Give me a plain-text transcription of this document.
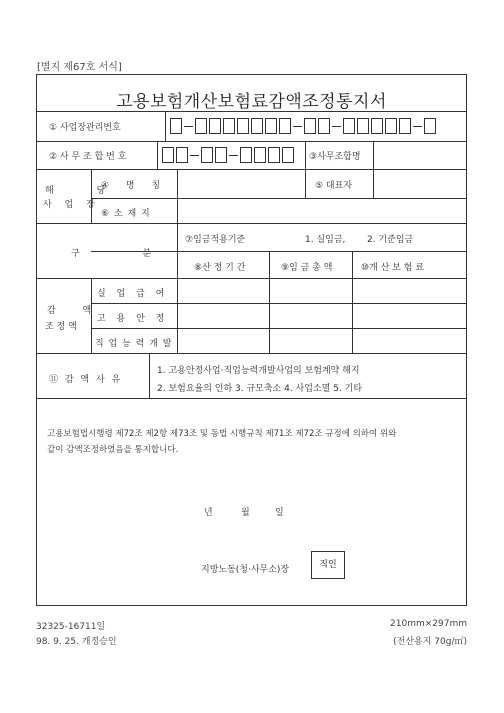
[별지 제67호 서식]
고용보험개산보험료감액조정통지서
① 사업장관리번호
② 사 무 조 합 번 호	③사무조합명
해 당
사 업 장
④ 명 칭	⑤ 대표자
⑥ 소 재 지
구 분
⑦임금적용기준	1. 실임금, 2. 기준임금
⑧산 정 기 간	⑨임 금 총 액	⑩개 산 보 험 료
감 액
조 정 액
실 업 급 여
고 용 안 정
직 업 능 력 개 발
⑪ 감 액 사 유
1. 고용안정사업·직업능력개발사업의 보험계약 해지
2. 보험요율의 인하 3. 규모축소 4. 사업소멸 5. 기타
고용보험법시행령 제72조 제2항 제73조 및 동법 시행규칙 제71조 제72조 규정에 의하여 위와
같이 감액조정하였음을 통지합니다.
년	월	일
지방노동(청·사무소)장	직인
32325-16711일
98. 9. 25. 개정승인
210mm×297mm
(전산용지 70g/㎡)
